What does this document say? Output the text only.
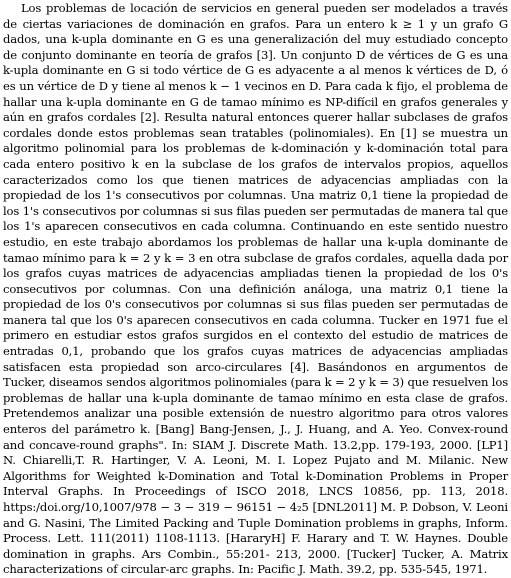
Los problemas de locación de servicios en general pueden ser modelados a través de ciertas variaciones de dominación en grafos. Para un entero k ≥ 1 y un grafo G dados, una k-upla dominante en G es una generalización del muy estudiado concepto de conjunto dominante en teoría de grafos [3]. Un conjunto D de vértices de G es una k-upla dominante en G si todo vértice de G es adyacente a al menos k vértices de D, ó es un vértice de D y tiene al menos k − 1 vecinos en D. Para cada k fijo, el problema de hallar una k-upla dominante en G de tamao mínimo es NP-difícil en grafos generales y aún en grafos cordales [2]. Resulta natural entonces querer hallar subclases de grafos cordales donde estos problemas sean tratables (polinomiales). En [1] se muestra un algoritmo polinomial para los problemas de k-dominación y k-dominación total para cada entero positivo k en la subclase de los grafos de intervalos propios, aquellos caracterizados como los que tienen matrices de adyacencias ampliadas con la propiedad de los 1's consecutivos por columnas. Una matriz 0,1 tiene la propiedad de los 1's consecutivos por columnas si sus filas pueden ser permutadas de manera tal que los 1's aparecen consecutivos en cada columna. Continuando en este sentido nuestro estudio, en este trabajo abordamos los problemas de hallar una k-upla dominante de tamao mínimo para k = 2 y k = 3 en otra subclase de grafos cordales, aquella dada por los grafos cuyas matrices de adyacencias ampliadas tienen la propiedad de los 0's consecutivos por columnas. Con una definición análoga, una matriz 0,1 tiene la propiedad de los 0's consecutivos por columnas si sus filas pueden ser permutadas de manera tal que los 0's aparecen consecutivos en cada columna. Tucker en 1971 fue el primero en estudiar estos grafos surgidos en el contexto del estudio de matrices de entradas 0,1, probando que los grafos cuyas matrices de adyacencias ampliadas satisfacen esta propiedad son arco-circulares [4]. Basándonos en argumentos de Tucker, diseamos sendos algoritmos polinomiales (para k = 2 y k = 3) que resuelven los problemas de hallar una k-upla dominante de tamao mínimo en esta clase de grafos. Pretendemos analizar una posible extensión de nuestro algoritmo para otros valores enteros del parámetro k. [Bang] Bang-Jensen, J., J. Huang, and A. Yeo. Convex-round and concave-round graphs". In: SIAM J. Discrete Math. 13.2,pp. 179-193, 2000. [LP1] N. Chiarelli,T. R. Hartinger, V. A. Leoni, M. I. Lopez Pujato and M. Milanic. New Algorithms for Weighted k-Domination and Total k-Domination Problems in Proper Interval Graphs. In Proceedings of ISCO 2018, LNCS 10856, pp. 113, 2018. https:/doi.org/10,1007/978 − 3 − 319 − 96151 − 4₂5 [DNL2011] M. P. Dobson, V. Leoni and G. Nasini, The Limited Packing and Tuple Domination problems in graphs, Inform. Process. Lett. 111(2011) 1108-1113. [HararyH] F. Harary and T. W. Haynes. Double domination in graphs. Ars Combin., 55:201- 213, 2000. [Tucker] Tucker, A. Matrix characterizations of circular-arc graphs. In: Pacific J. Math. 39.2, pp. 535-545, 1971.
